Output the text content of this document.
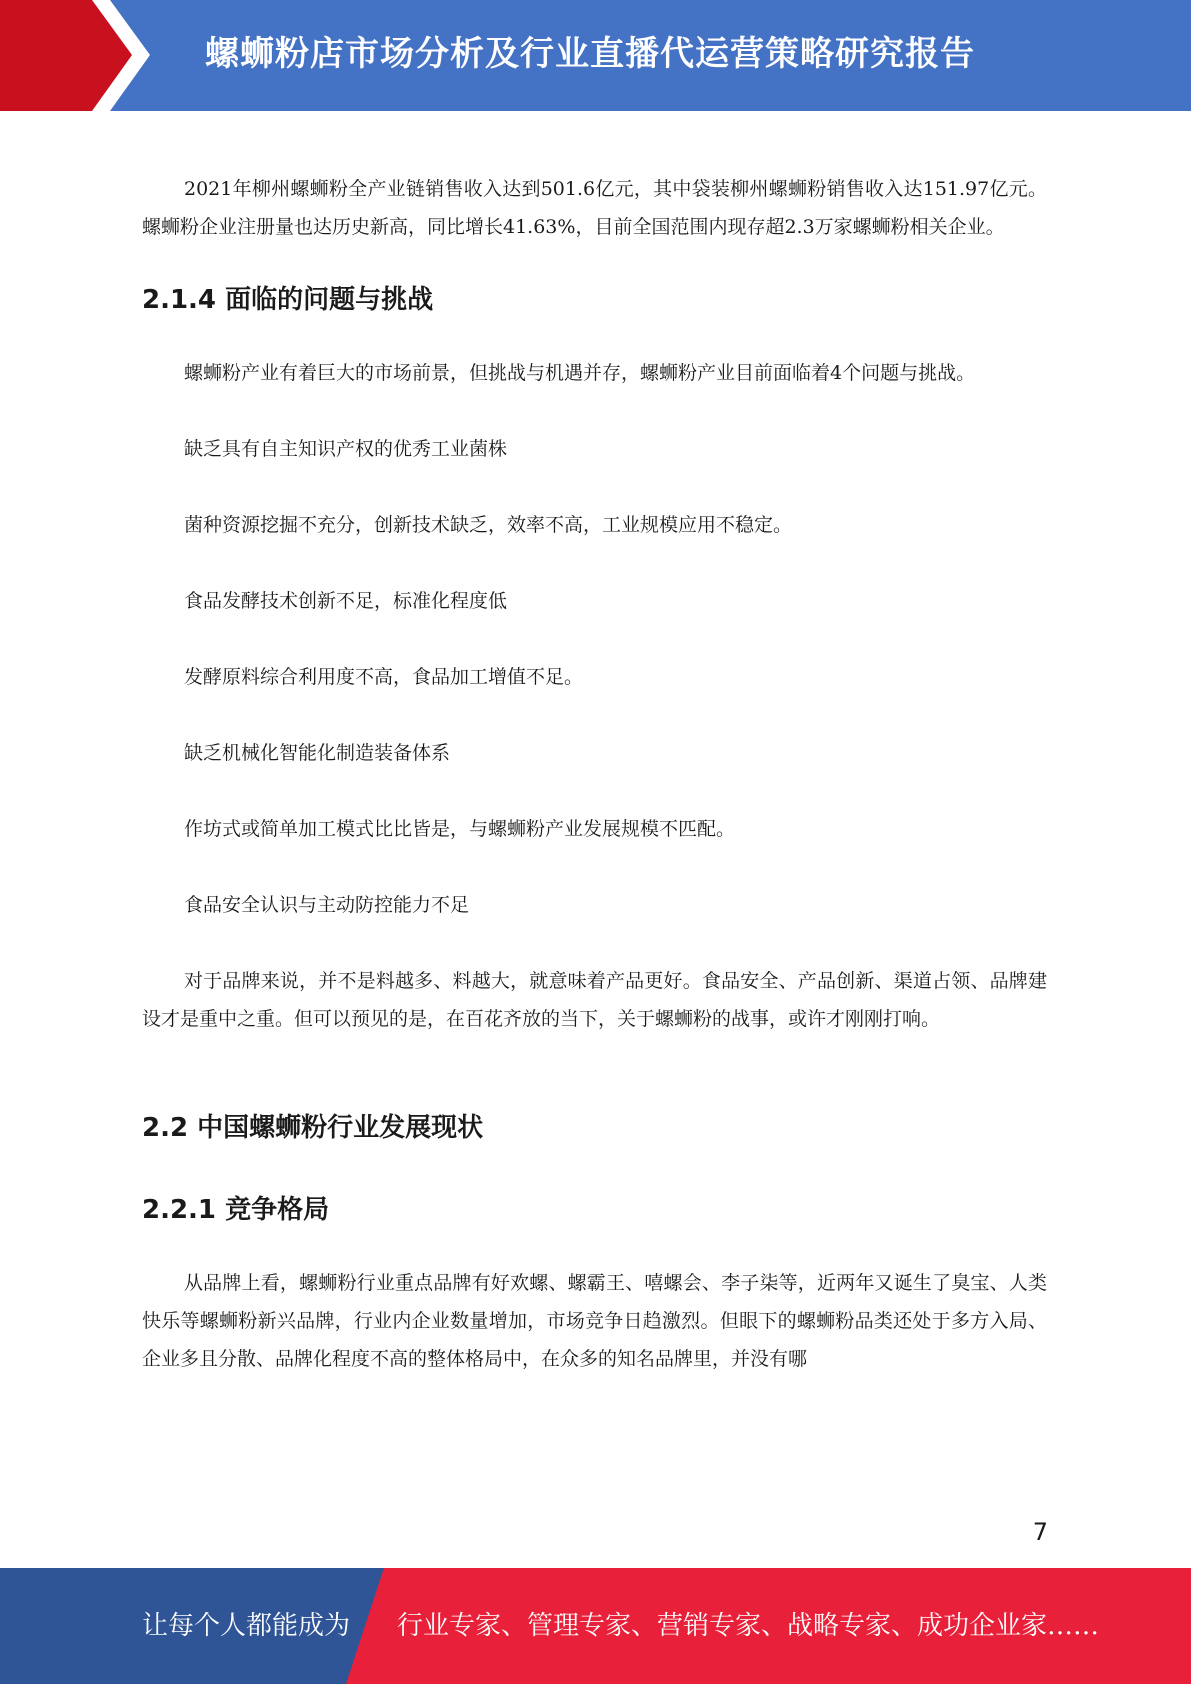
螺蛳粉店市场分析及行业直播代运营策略研究报告

2021年柳州螺蛳粉全产业链销售收入达到501.6亿元，其中袋装柳州螺蛳粉销售收入达151.97亿元。螺蛳粉企业注册量也达历史新高，同比增长41.63%，目前全国范围内现存超2.3万家螺蛳粉相关企业。

2.1.4 面临的问题与挑战

螺蛳粉产业有着巨大的市场前景，但挑战与机遇并存，螺蛳粉产业目前面临着4个问题与挑战。

缺乏具有自主知识产权的优秀工业菌株

菌种资源挖掘不充分，创新技术缺乏，效率不高，工业规模应用不稳定。

食品发酵技术创新不足，标准化程度低

发酵原料综合利用度不高，食品加工增值不足。

缺乏机械化智能化制造装备体系

作坊式或简单加工模式比比皆是，与螺蛳粉产业发展规模不匹配。

食品安全认识与主动防控能力不足

对于品牌来说，并不是料越多、料越大，就意味着产品更好。食品安全、产品创新、渠道占领、品牌建设才是重中之重。但可以预见的是，在百花齐放的当下，关于螺蛳粉的战事，或许才刚刚打响。

2.2 中国螺蛳粉行业发展现状
2.2.1 竞争格局

从品牌上看，螺蛳粉行业重点品牌有好欢螺、螺霸王、嘻螺会、李子柒等，近两年又诞生了臭宝、人类快乐等螺蛳粉新兴品牌，行业内企业数量增加，市场竞争日趋激烈。但眼下的螺蛳粉品类还处于多方入局、企业多且分散、品牌化程度不高的整体格局中，在众多的知名品牌里，并没有哪

7
让每个人都能成为 行业专家、管理专家、营销专家、战略专家、成功企业家……
